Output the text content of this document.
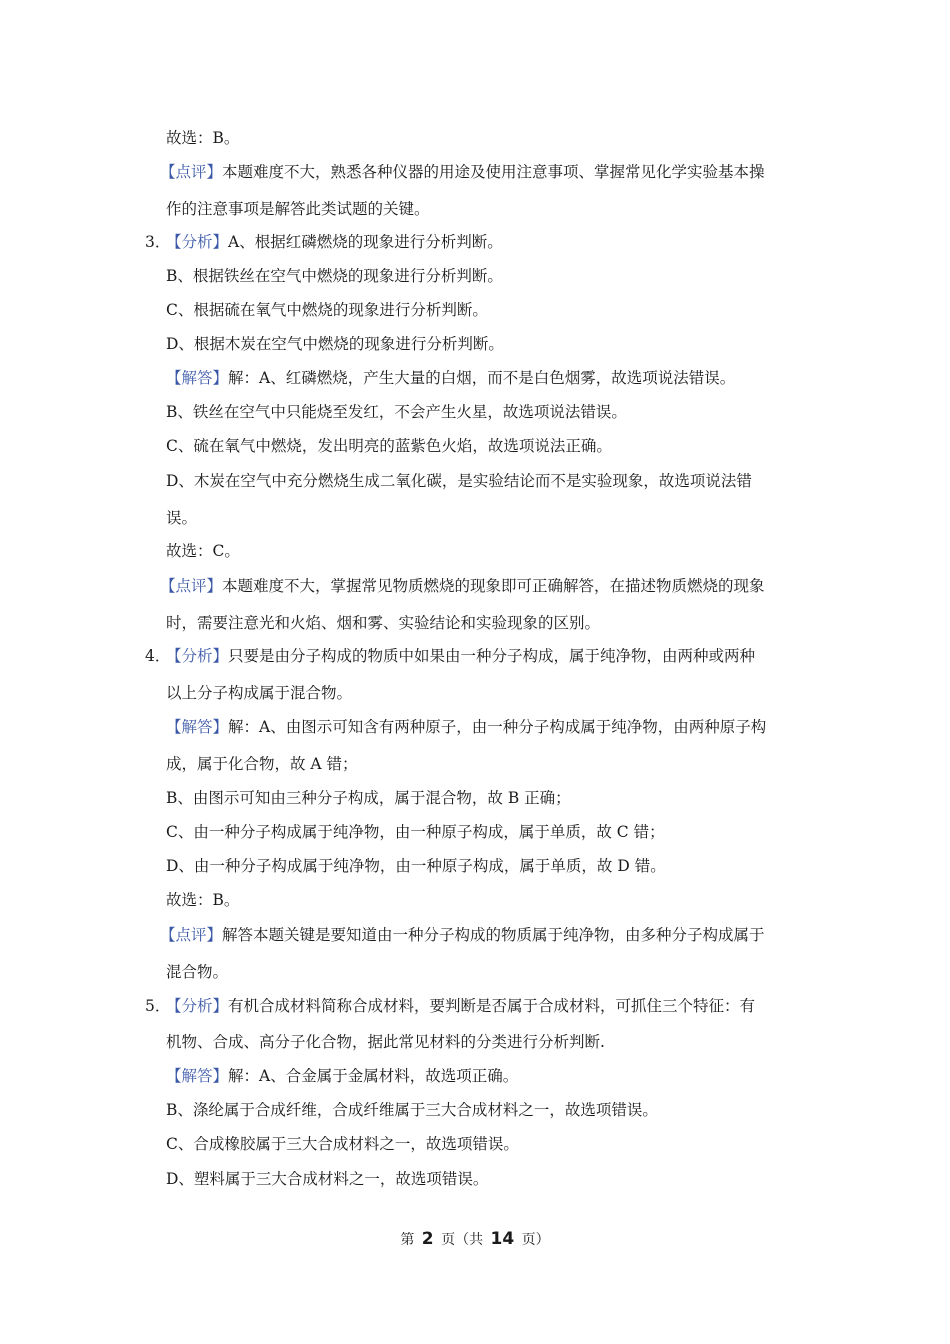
第 2 页（共 14 页）
故选：B。
【点评】本题难度不大，熟悉各种仪器的用途及使用注意事项、掌握常见化学实验基本操
作的注意事项是解答此类试题的关键。
3．
【分析】A、根据红磷燃烧的现象进行分析判断。
B、根据铁丝在空气中燃烧的现象进行分析判断。
C、根据硫在氧气中燃烧的现象进行分析判断。
D、根据木炭在空气中燃烧的现象进行分析判断。
【解答】解：A、红磷燃烧，产生大量的白烟，而不是白色烟雾，故选项说法错误。
B、铁丝在空气中只能烧至发红，不会产生火星，故选项说法错误。
C、硫在氧气中燃烧，发出明亮的蓝紫色火焰，故选项说法正确。
D、木炭在空气中充分燃烧生成二氧化碳，是实验结论而不是实验现象，故选项说法错
误。
故选：C。
【点评】本题难度不大，掌握常见物质燃烧的现象即可正确解答，在描述物质燃烧的现象
时，需要注意光和火焰、烟和雾、实验结论和实验现象的区别。
4．
【分析】只要是由分子构成的物质中如果由一种分子构成，属于纯净物，由两种或两种
以上分子构成属于混合物。
【解答】解：A、由图示可知含有两种原子，由一种分子构成属于纯净物，由两种原子构
成，属于化合物，故 A 错；
B、由图示可知由三种分子构成，属于混合物，故 B 正确；
C、由一种分子构成属于纯净物，由一种原子构成，属于单质，故 C 错；
D、由一种分子构成属于纯净物，由一种原子构成，属于单质，故 D 错。
故选：B。
【点评】解答本题关键是要知道由一种分子构成的物质属于纯净物，由多种分子构成属于
混合物。
5．
【分析】有机合成材料简称合成材料，要判断是否属于合成材料，可抓住三个特征：有
机物、合成、高分子化合物，据此常见材料的分类进行分析判断.
【解答】解：A、合金属于金属材料，故选项正确。
B、涤纶属于合成纤维，合成纤维属于三大合成材料之一，故选项错误。
C、合成橡胶属于三大合成材料之一，故选项错误。
D、塑料属于三大合成材料之一，故选项错误。
